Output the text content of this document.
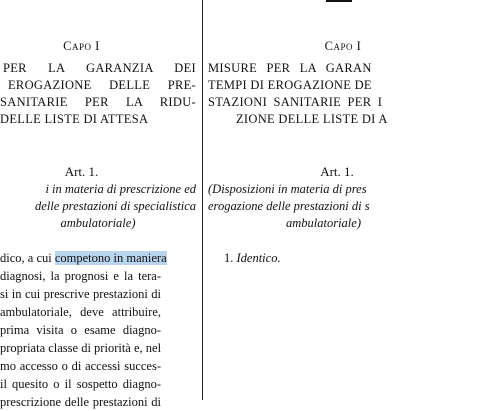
Capo I
PER LA GARANZIA DEI
EROGAZIONE DELLE PRE-
SANITARIE PER LA RIDU-
DELLE LISTE DI ATTESA
Art. 1.
i in materia di prescrizione ed
delle prestazioni di specialistica
ambulatoriale)
dico, a cui competono in maniera
diagnosi, la prognosi e la tera-
si in cui prescrive prestazioni di
ambulatoriale, deve attribuire,
prima visita o esame diagno-
propriata classe di priorità e, nel
mo accesso o di accessi succes-
il quesito o il sospetto diagno-
prescrizione delle prestazioni di
Capo I
MISURE PER LA GARAN
TEMPI DI EROGAZIONE DE
STAZIONI SANITARIE PER I
ZIONE DELLE LISTE DI A
Art. 1.
(Disposizioni in materia di pres
erogazione delle prestazioni di s
ambulatoriale)
1. Identico.
